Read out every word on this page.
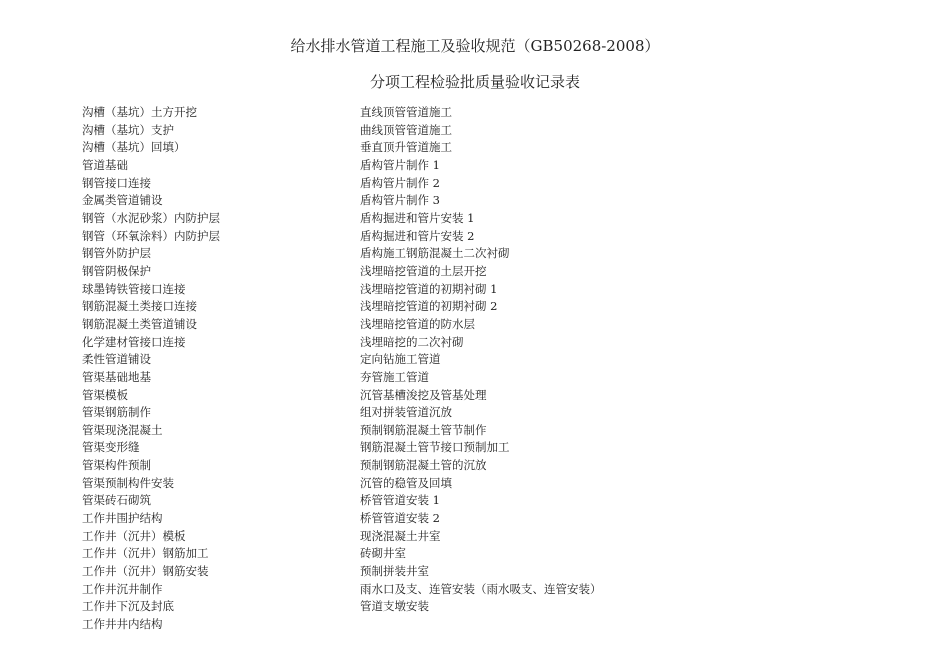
给水排水管道工程施工及验收规范（GB50268-2008）
分项工程检验批质量验收记录表
沟槽（基坑）土方开挖
沟槽（基坑）支护
沟槽（基坑）回填）
管道基础
钢管接口连接
金属类管道铺设
钢管（水泥砂浆）内防护层
钢管（环氧涂料）内防护层
钢管外防护层
钢管阴极保护
球墨铸铁管接口连接
钢筋混凝土类接口连接
钢筋混凝土类管道铺设
化学建材管接口连接
柔性管道铺设
管渠基础地基
管渠模板
管渠钢筋制作
管渠现浇混凝土
管渠变形缝
管渠构件预制
管渠预制构件安装
管渠砖石砌筑
工作井围护结构
工作井（沉井）模板
工作井（沉井）钢筋加工
工作井（沉井）钢筋安装
工作井沉井制作
工作井下沉及封底
工作井井内结构
直线顶管管道施工
曲线顶管管道施工
垂直顶升管道施工
盾构管片制作 1
盾构管片制作 2
盾构管片制作 3
盾构掘进和管片安装 1
盾构掘进和管片安装 2
盾构施工钢筋混凝土二次衬砌
浅埋暗挖管道的土层开挖
浅埋暗挖管道的初期衬砌 1
浅埋暗挖管道的初期衬砌 2
浅埋暗挖管道的防水层
浅埋暗挖的二次衬砌
定向钻施工管道
夯管施工管道
沉管基槽浚挖及管基处理
组对拼装管道沉放
预制钢筋混凝土管节制作
钢筋混凝土管节接口预制加工
预制钢筋混凝土管的沉放
沉管的稳管及回填
桥管管道安装 1
桥管管道安装 2
现浇混凝土井室
砖砌井室
预制拼装井室
雨水口及支、连管安装（雨水吸支、连管安装）
管道支墩安装
